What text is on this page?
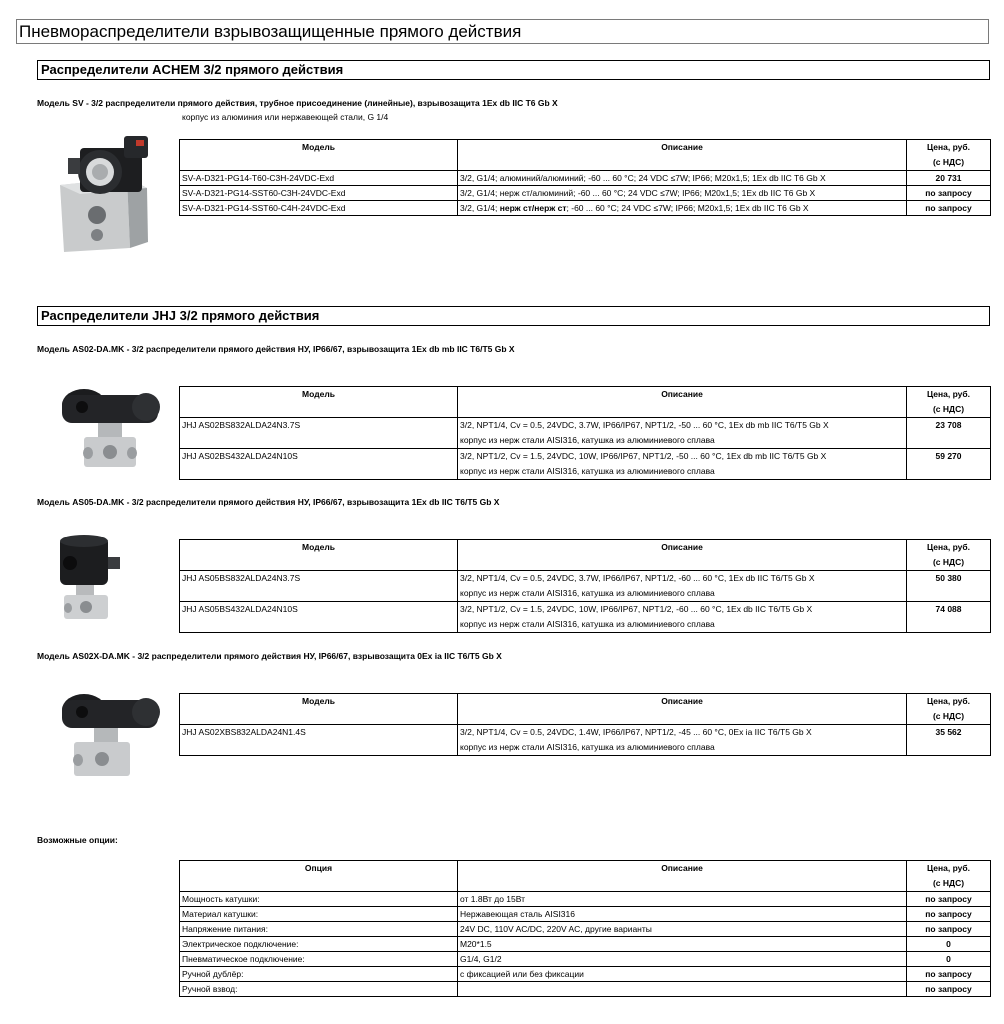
Пневмораспределители взрывозащищенные прямого действия
Распределители ACHEM 3/2 прямого действия
Модель SV - 3/2 распределители прямого действия, трубное присоединение (линейные), взрывозащита 1Ex db IIC T6 Gb X
корпус из алюминия или нержавеющей стали, G 1/4
Модель	Описание	Цена, руб.
(с НДС)
SV-A-D321-PG14-T60-C3H-24VDC-Exd	3/2, G1/4; алюминий/алюминий; -60 ... 60 °C; 24 VDC ≤7W; IP66; M20x1,5; 1Ex db IIC T6 Gb X	20 731
SV-A-D321-PG14-SST60-C3H-24VDC-Exd	3/2, G1/4; нерж ст/алюминий; -60 ... 60 °C; 24 VDC ≤7W; IP66; M20x1,5; 1Ex db IIC T6 Gb X	по запросу
SV-A-D321-PG14-SST60-C4H-24VDC-Exd	3/2, G1/4; нерж ст/нерж ст; -60 ... 60 °C; 24 VDC ≤7W; IP66; M20x1,5; 1Ex db IIC T6 Gb X	по запросу
Распределители JHJ 3/2 прямого действия
Модель AS02-DA.MK - 3/2 распределители прямого действия НУ, IP66/67, взрывозащита 1Ex db mb IIC T6/T5 Gb X
Модель	Описание	Цена, руб.
(с НДС)
JHJ AS02BS832ALDA24N3.7S	3/2, NPT1/4, Cv = 0.5, 24VDC, 3.7W, IP66/IP67, NPT1/2, -50 ... 60 °C, 1Ex db mb IIC T6/T5 Gb X
корпус из нерж стали AISI316, катушка из алюминиевого сплава	23 708
JHJ AS02BS432ALDA24N10S	3/2, NPT1/2, Cv = 1.5, 24VDC, 10W, IP66/IP67, NPT1/2, -50 ... 60 °C, 1Ex db mb IIC T6/T5 Gb X
корпус из нерж стали AISI316, катушка из алюминиевого сплава	59 270
Модель AS05-DA.MK - 3/2 распределители прямого действия НУ, IP66/67, взрывозащита 1Ex db IIC T6/T5 Gb X
Модель	Описание	Цена, руб.
(с НДС)
JHJ AS05BS832ALDA24N3.7S	3/2, NPT1/4, Cv = 0.5, 24VDC, 3.7W, IP66/IP67, NPT1/2, -60 ... 60 °C, 1Ex db IIC T6/T5 Gb X
корпус из нерж стали AISI316, катушка из алюминиевого сплава	50 380
JHJ AS05BS432ALDA24N10S	3/2, NPT1/2, Cv = 1.5, 24VDC, 10W, IP66/IP67, NPT1/2, -60 ... 60 °C, 1Ex db IIC T6/T5 Gb X
корпус из нерж стали AISI316, катушка из алюминиевого сплава	74 088
Модель AS02X-DA.MK - 3/2 распределители прямого действия НУ, IP66/67, взрывозащита 0Ex ia IIC T6/T5 Gb X
Модель	Описание	Цена, руб.
(с НДС)
JHJ AS02XBS832ALDA24N1.4S	3/2, NPT1/4, Cv = 0.5, 24VDC, 1.4W, IP66/IP67, NPT1/2, -45 ... 60 °C, 0Ex ia IIC T6/T5 Gb X
корпус из нерж стали AISI316, катушка из алюминиевого сплава	35 562
Возможные опции:
Опция	Описание	Цена, руб.
(с НДС)
Мощность катушки:	от 1.8Вт до 15Вт	по запросу
Материал катушки:	Нержавеющая сталь AISI316	по запросу
Напряжение питания:	24V DC, 110V AC/DC, 220V AC, другие варианты	по запросу
Электрическое подключение:	M20*1.5	0
Пневматическое подключение:	G1/4, G1/2	0
Ручной дублёр:	с фиксацией или без фиксации	по запросу
Ручной взвод:		по запросу
